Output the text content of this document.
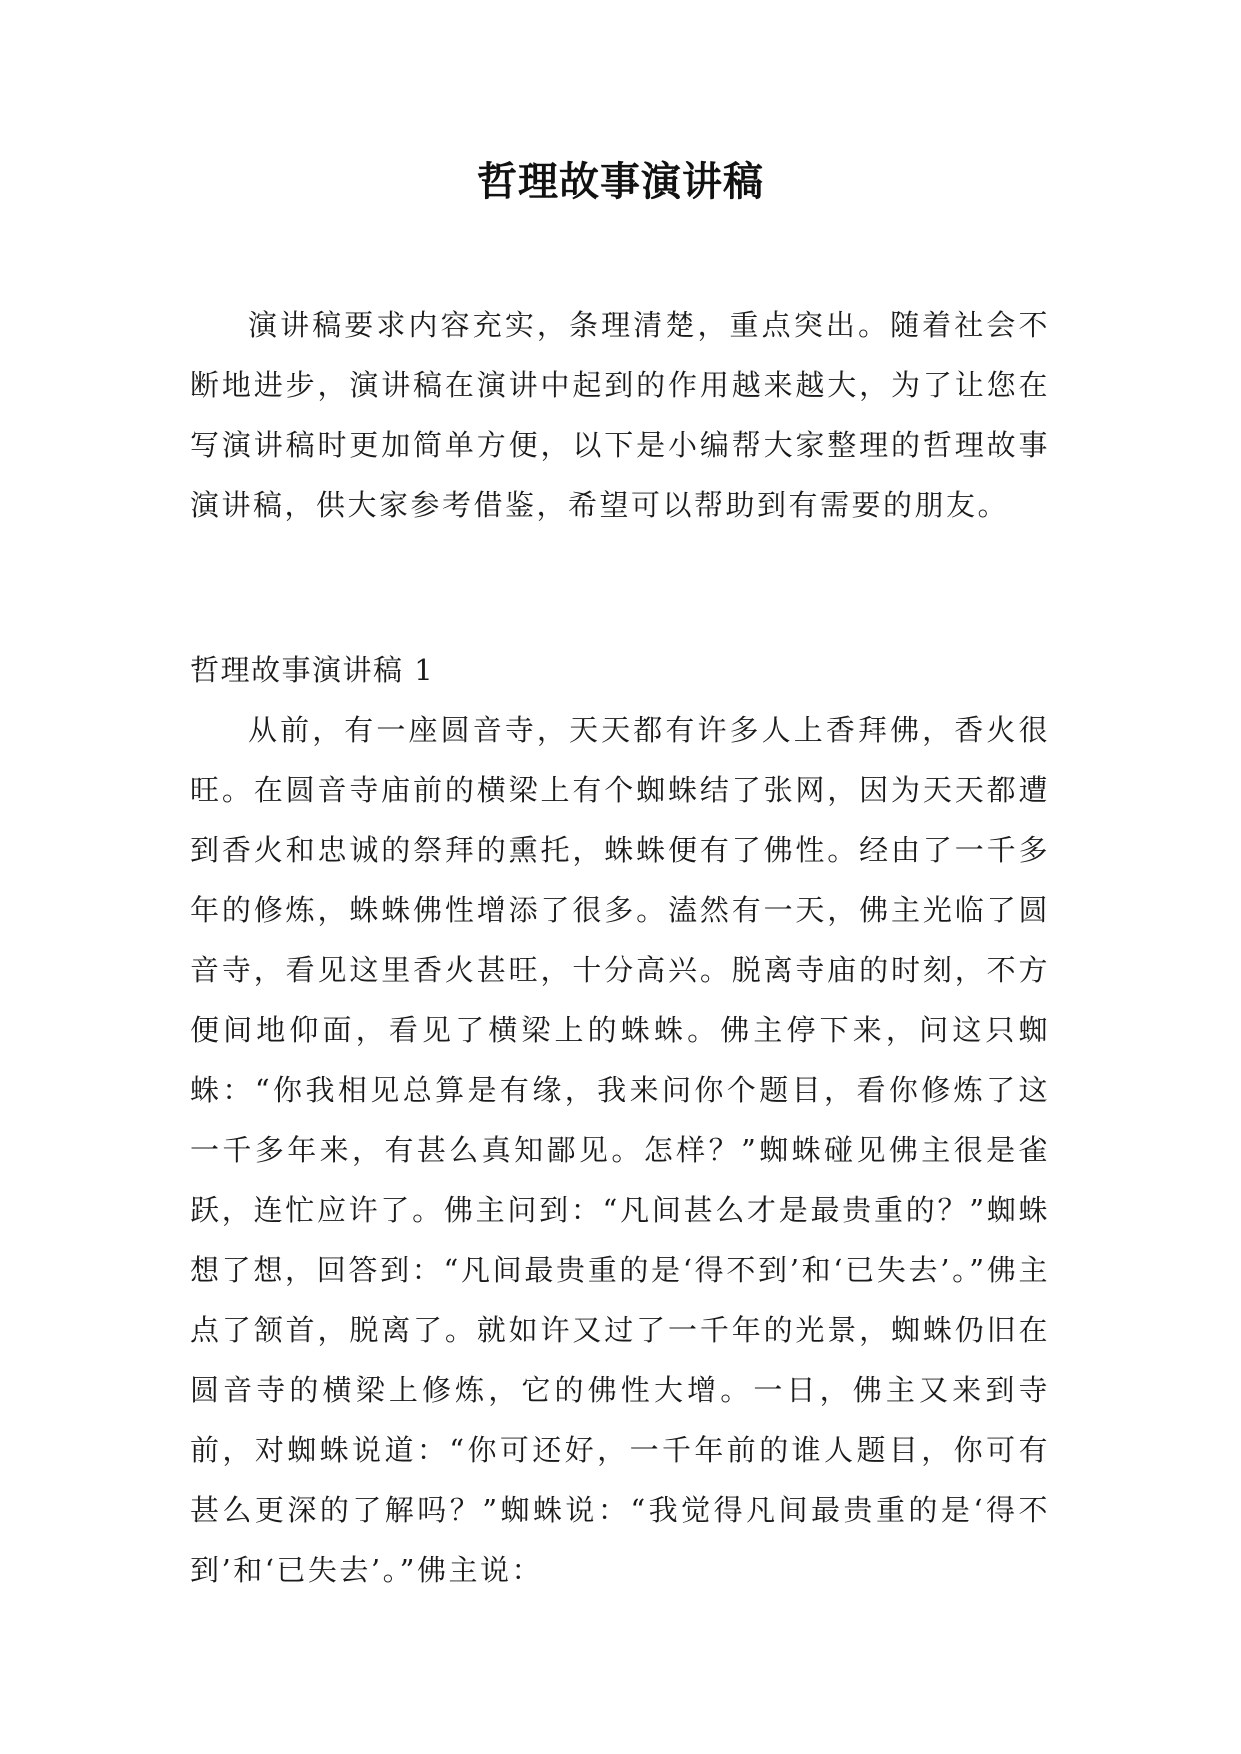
哲理故事演讲稿

演讲稿要求内容充实，条理清楚，重点突出。随着社会不断地进步，演讲稿在演讲中起到的作用越来越大，为了让您在写演讲稿时更加简单方便，以下是小编帮大家整理的哲理故事演讲稿，供大家参考借鉴，希望可以帮助到有需要的朋友。

哲理故事演讲稿 1

从前，有一座圆音寺，天天都有许多人上香拜佛，香火很旺。在圆音寺庙前的横梁上有个蜘蛛结了张网，因为天天都遭到香火和忠诚的祭拜的熏托，蛛蛛便有了佛性。经由了一千多年的修炼，蛛蛛佛性增添了很多。溘然有一天，佛主光临了圆音寺，看见这里香火甚旺，十分高兴。脱离寺庙的时刻，不方便间地仰面，看见了横梁上的蛛蛛。佛主停下来，问这只蜘蛛：“你我相见总算是有缘，我来问你个题目，看你修炼了这一千多年来，有甚么真知鄙见。怎样？”蜘蛛碰见佛主很是雀跃，连忙应许了。佛主问到：“凡间甚么才是最贵重的？”蜘蛛想了想，回答到：“凡间最贵重的是‘得不到’和‘已失去’。”佛主点了颔首，脱离了。就如许又过了一千年的光景，蜘蛛仍旧在圆音寺的横梁上修炼，它的佛性大增。一日，佛主又来到寺前，对蜘蛛说道：“你可还好，一千年前的谁人题目，你可有甚么更深的了解吗？”蜘蛛说：“我觉得凡间最贵重的是‘得不到’和‘已失去’。”佛主说：
